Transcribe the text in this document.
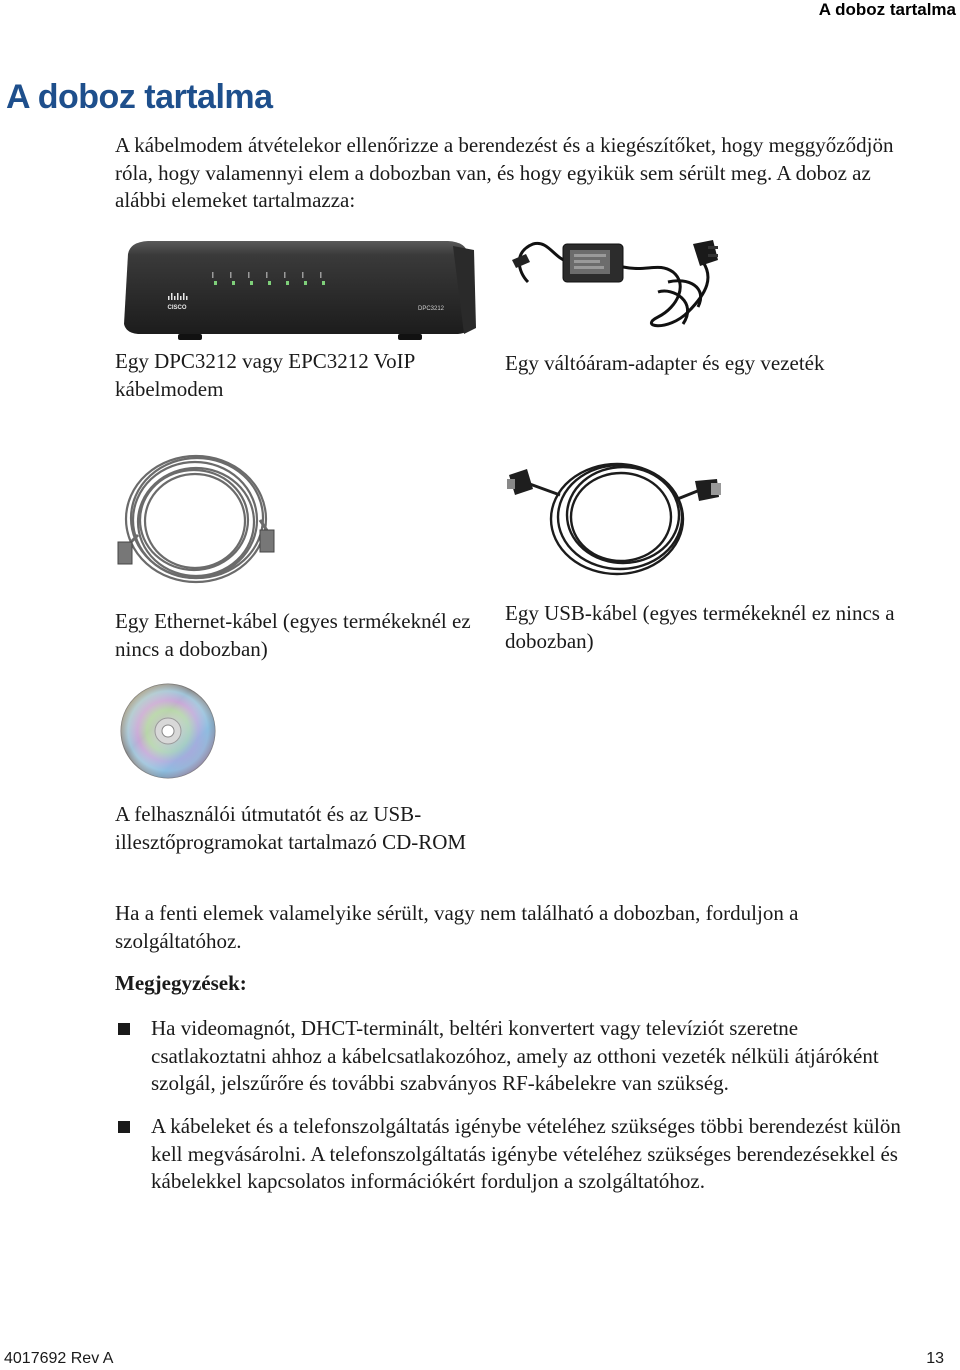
A doboz tartalma
A doboz tartalma
A kábelmodem átvételekor ellenőrizze a berendezést és a kiegészítőket, hogy meggyőződjön róla, hogy valamennyi elem a dobozban van, és hogy egyikük sem sérült meg. A doboz az alábbi elemeket tartalmazza:
CISCO	DPC3212
Egy DPC3212 vagy EPC3212 VoIP kábelmodem
Egy váltóáram-adapter és egy vezeték
Egy Ethernet-kábel (egyes termékeknél ez nincs a dobozban)
Egy USB-kábel (egyes termékeknél ez nincs a dobozban)
A felhasználói útmutatót és az USB-illesztőprogramokat tartalmazó CD-ROM
Ha a fenti elemek valamelyike sérült, vagy nem található a dobozban, forduljon a szolgáltatóhoz.
Megjegyzések:
Ha videomagnót, DHCT-terminált, beltéri konvertert vagy televíziót szeretne csatlakoztatni ahhoz a kábelcsatlakozóhoz, amely az otthoni vezeték nélküli átjáróként szolgál, jelszűrőre és további szabványos RF-kábelekre van szükség.
A kábeleket és a telefonszolgáltatás igénybe vételéhez szükséges többi berendezést külön kell megvásárolni. A telefonszolgáltatás igénybe vételéhez szükséges berendezésekkel és kábelekkel kapcsolatos információkért forduljon a szolgáltatóhoz.
4017692 Rev A	13
